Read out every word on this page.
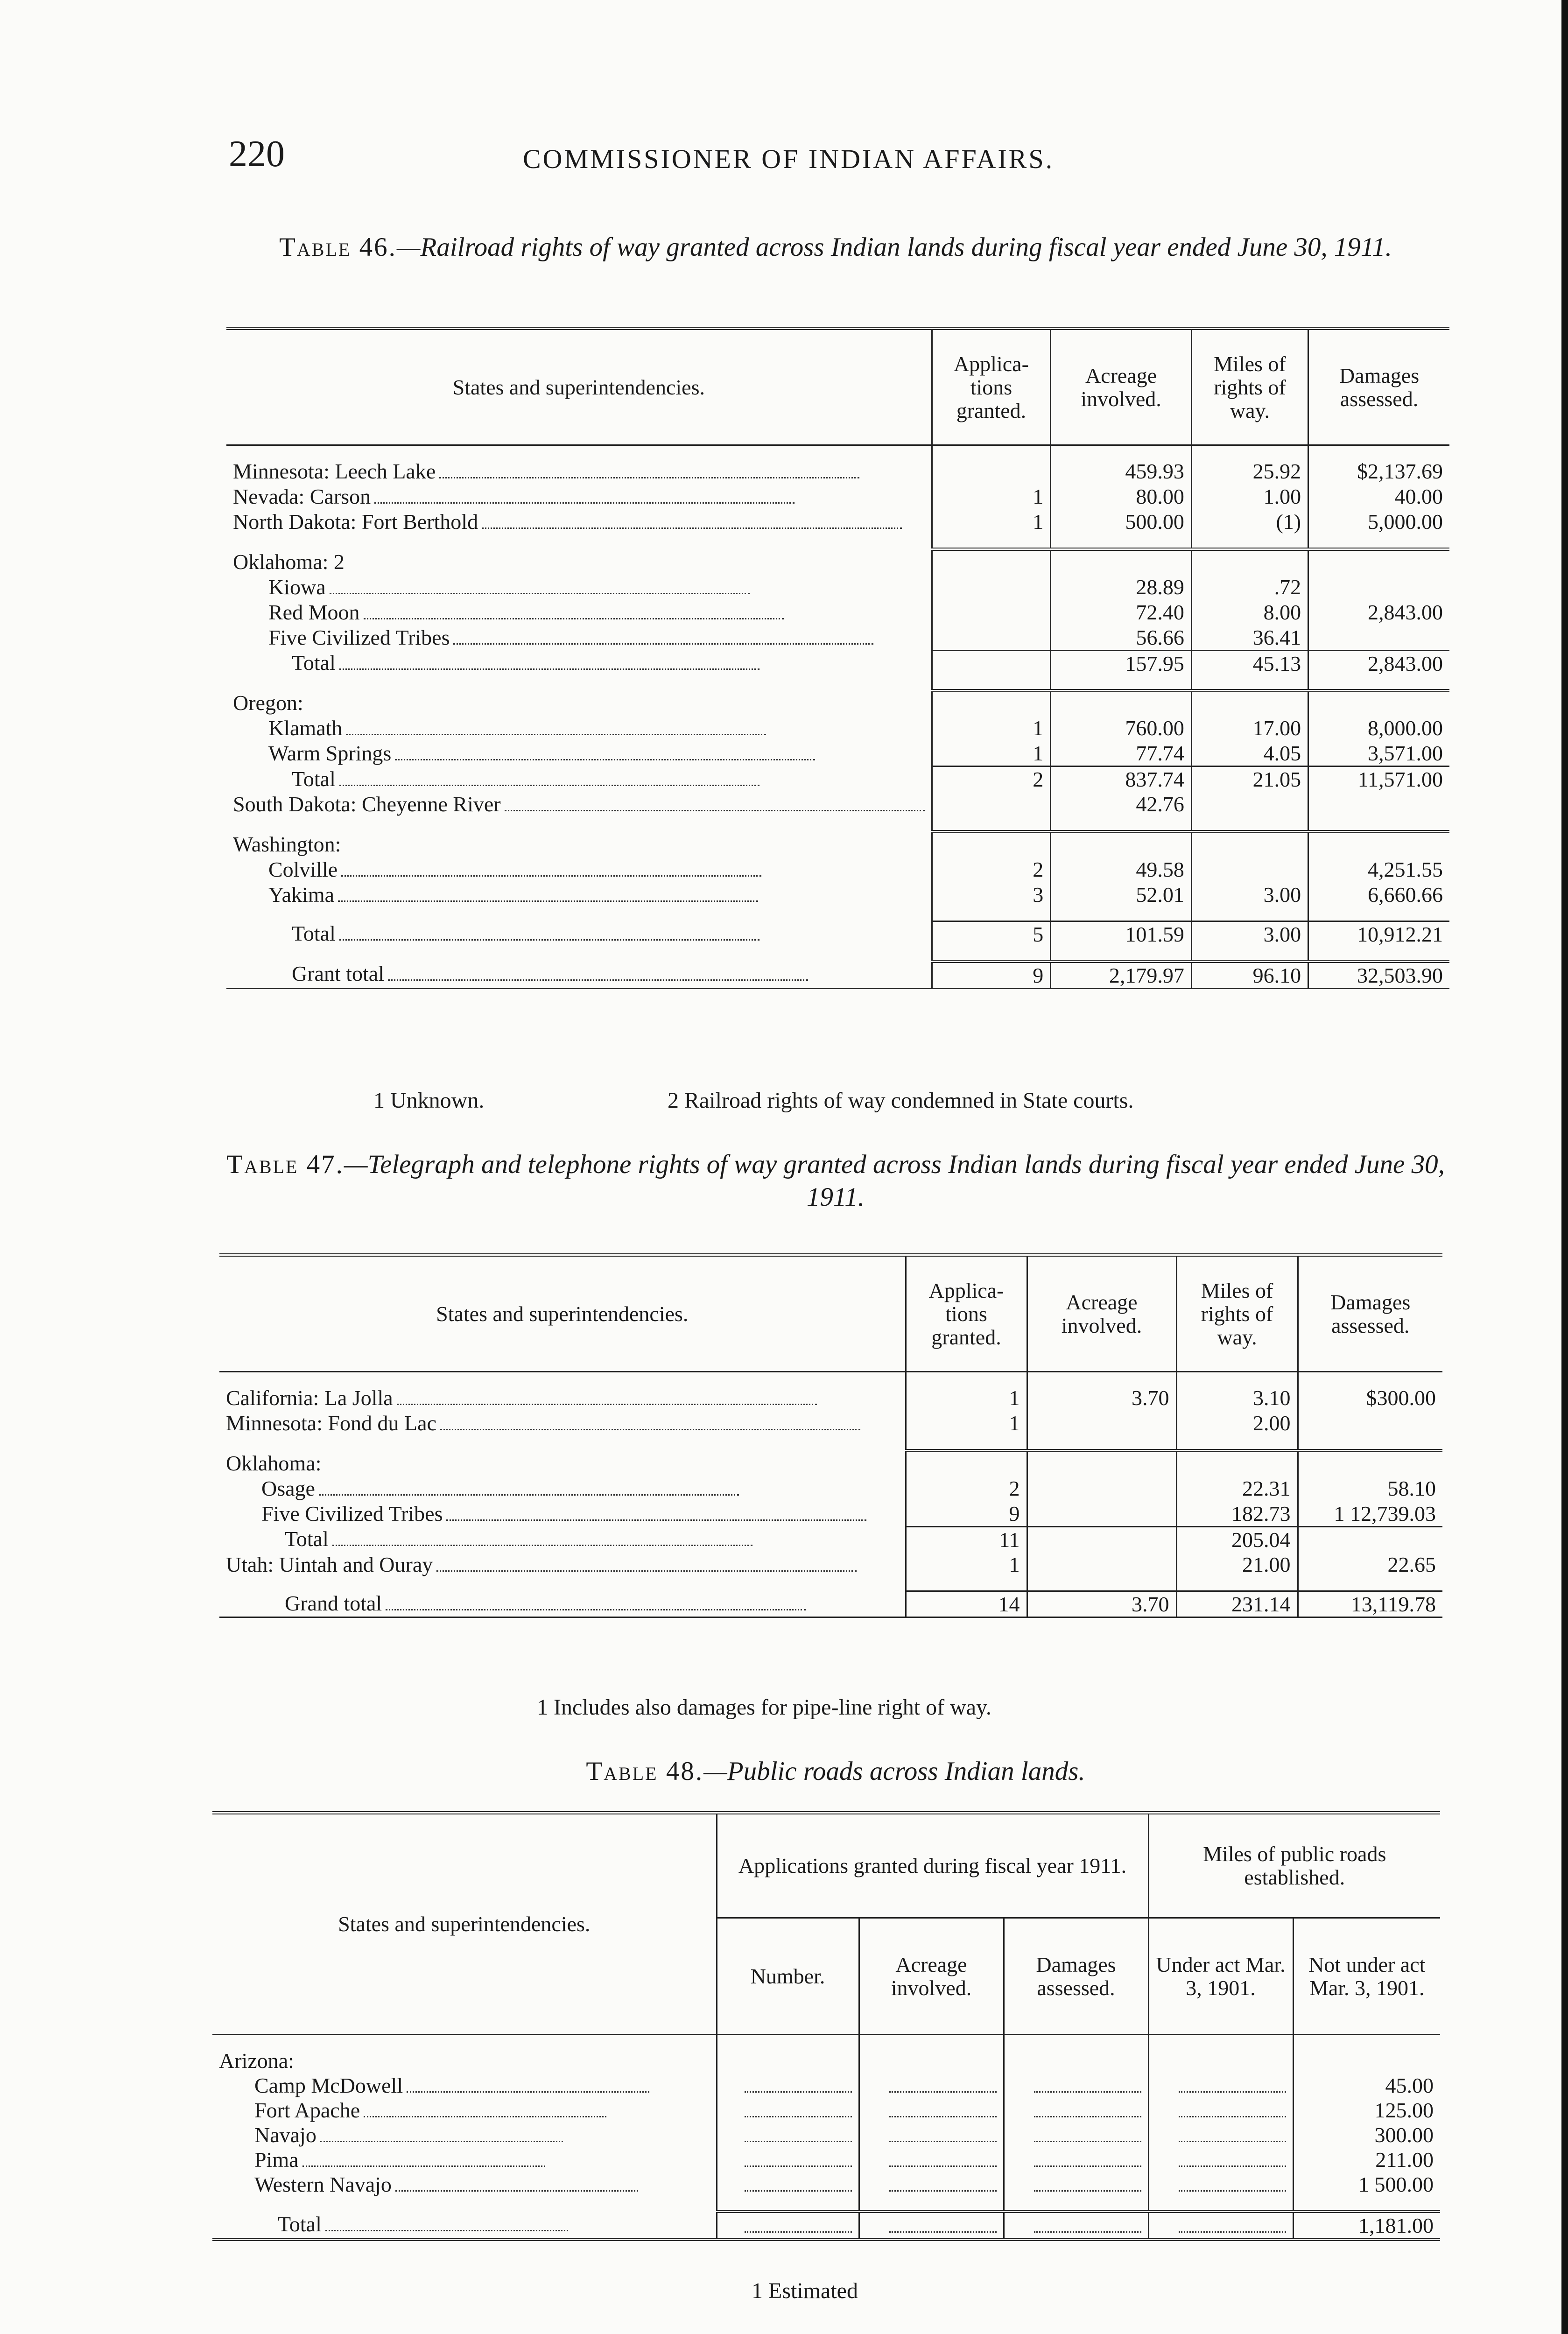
220	COMMISSIONER OF INDIAN AFFAIRS.
Table 46.—Railroad rights of way granted across Indian lands during fiscal year ended June 30, 1911.
States and superintendencies.	Applica-tions granted.	Acreage involved.	Miles of rights of way.	Damages assessed.

Minnesota: Leech Lake		459.93	25.92	$2,137.69
Nevada: Carson	1	80.00	1.00	40.00
North Dakota: Fort Berthold	1	500.00	(1)	5,000.00

Oklahoma: 2				
Kiowa		28.89	.72	
Red Moon		72.40	8.00	2,843.00
Five Civilized Tribes		56.66	36.41	
Total		157.95	45.13	2,843.00

Oregon:				
Klamath	1	760.00	17.00	8,000.00
Warm Springs	1	77.74	4.05	3,571.00
Total	2	837.74	21.05	11,571.00
South Dakota: Cheyenne River		42.76		

Washington:				
Colville	2	49.58		4,251.55
Yakima	3	52.01	3.00	6,660.66

Total	5	101.59	3.00	10,912.21

Grant total	9	2,179.97	96.10	32,503.90
1 Unknown.	2 Railroad rights of way condemned in State courts.
Table 47.—Telegraph and telephone rights of way granted across Indian lands during fiscal year ended June 30, 1911.
States and superintendencies.	Applica-tions granted.	Acreage involved.	Miles of rights of way.	Damages assessed.

California: La Jolla	1	3.70	3.10	$300.00
Minnesota: Fond du Lac	1		2.00	

Oklahoma:				
Osage	2		22.31	58.10
Five Civilized Tribes	9		182.73	1 12,739.03
Total	11		205.04	
Utah: Uintah and Ouray	1		21.00	22.65

Grand total	14	3.70	231.14	13,119.78
1 Includes also damages for pipe-line right of way.
Table 48.—Public roads across Indian lands.
States and superintendencies.	Applications granted during fiscal year 1911.			Miles of public roads established.	
	Number.	Acreage involved.	Damages assessed.	Under act Mar. 3, 1901.	Not under act Mar. 3, 1901.

Arizona:					
Camp McDowell					45.00
Fort Apache					125.00
Navajo					300.00
Pima					211.00
Western Navajo					1 500.00

Total					1,181.00
1 Estimated
